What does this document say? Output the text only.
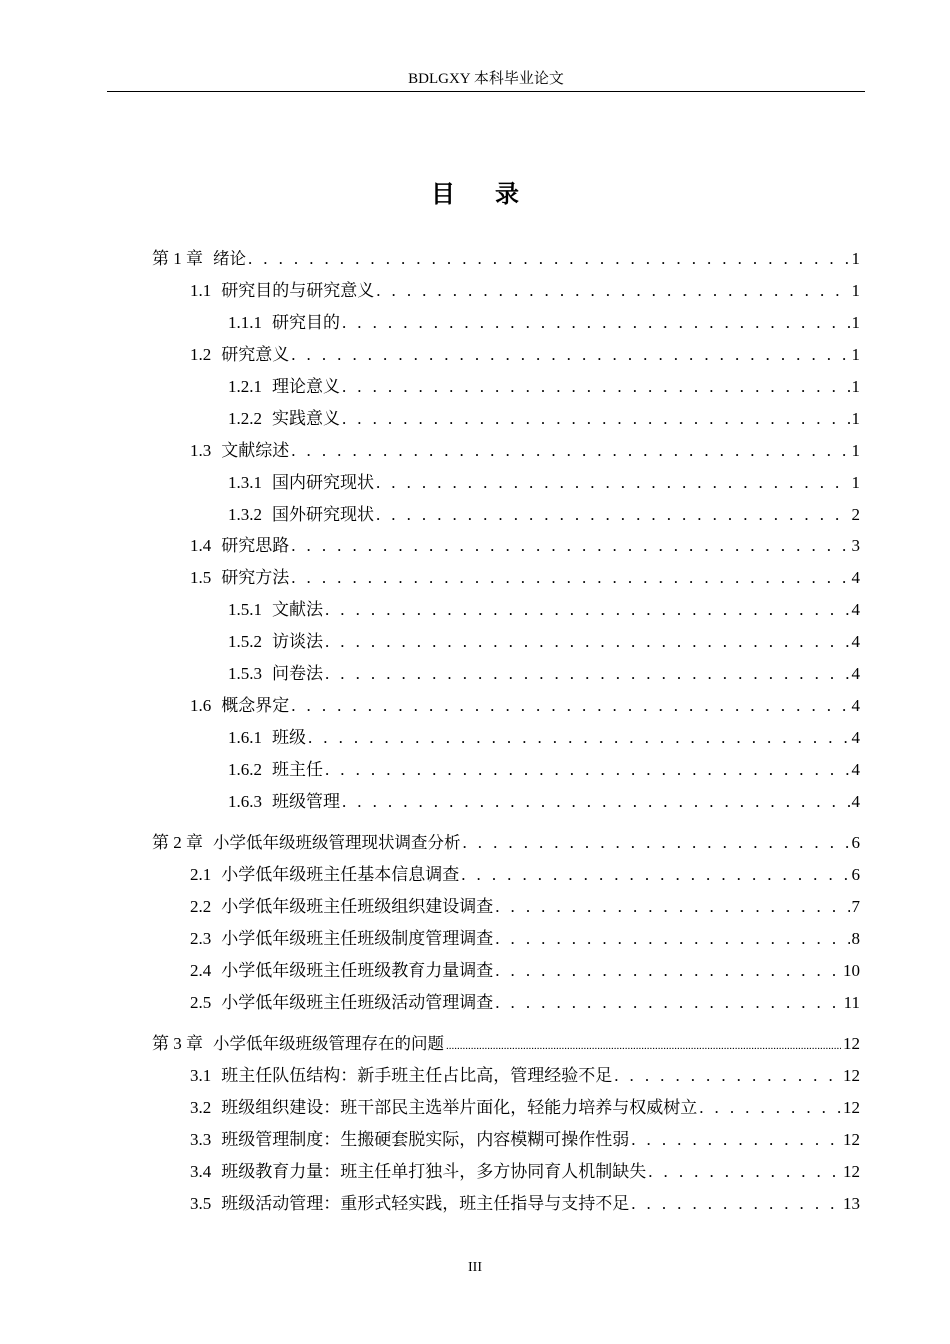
BDLGXY 本科毕业论文
目录
第 1 章 绪论 . . .	1
1.1 研究目的与研究意义 . . .	1
1.1.1 研究目的 . . .	1
1.2 研究意义 . . .	1
1.2.1 理论意义 . . .	1
1.2.2 实践意义 . . .	1
1.3 文献综述 . . .	1
1.3.1 国内研究现状 . . .	1
1.3.2 国外研究现状 . . .	2
1.4 研究思路 . . .	3
1.5 研究方法 . . .	4
1.5.1 文献法 . . .	4
1.5.2 访谈法 . . .	4
1.5.3 问卷法 . . .	4
1.6 概念界定 . . .	4
1.6.1 班级 . . .	4
1.6.2 班主任 . . .	4
1.6.3 班级管理 . . .	4
第 2 章 小学低年级班级管理现状调查分析 . . .	6
2.1 小学低年级班主任基本信息调查 . . .	6
2.2 小学低年级班主任班级组织建设调查 . . .	7
2.3 小学低年级班主任班级制度管理调查 . . .	8
2.4 小学低年级班主任班级教育力量调查 . . .	10
2.5 小学低年级班主任班级活动管理调查 . . .	11
第 3 章 小学低年级班级管理存在的问题 .....	12
3.1 班主任队伍结构：新手班主任占比高，管理经验不足 . . .	12
3.2 班级组织建设：班干部民主选举片面化，轻能力培养与权威树立 . . .	12
3.3 班级管理制度：生搬硬套脱实际，内容模糊可操作性弱 . . .	12
3.4 班级教育力量：班主任单打独斗，多方协同育人机制缺失 . . .	12
3.5 班级活动管理：重形式轻实践，班主任指导与支持不足 . . .	13
III
